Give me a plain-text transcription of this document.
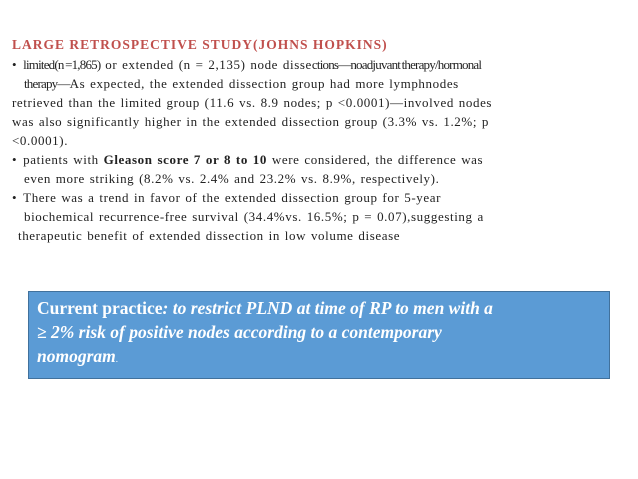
LARGE RETROSPECTIVE STUDY(JOHNS HOPKINS)
• limited(n =1,865) or extended (n = 2,135) node dissections—noadjuvant therapy/hormonal
therapy—As expected, the extended dissection group had more lymphnodes
retrieved than the limited group (11.6 vs. 8.9 nodes; p <0.0001)—involved nodes
was also significantly higher in the extended dissection group (3.3% vs. 1.2%; p
<0.0001).
• patients with Gleason score 7 or 8 to 10 were considered, the difference was
even more striking (8.2% vs. 2.4% and 23.2% vs. 8.9%, respectively).
• There was a trend in favor of the extended dissection group for 5-year
biochemical recurrence-free survival (34.4%vs. 16.5%; p = 0.07),suggesting a
therapeutic benefit of extended dissection in low volume disease
Current practice: to restrict PLND at time of RP to men with a
≥ 2% risk of positive nodes according to a contemporary
nomogram.
